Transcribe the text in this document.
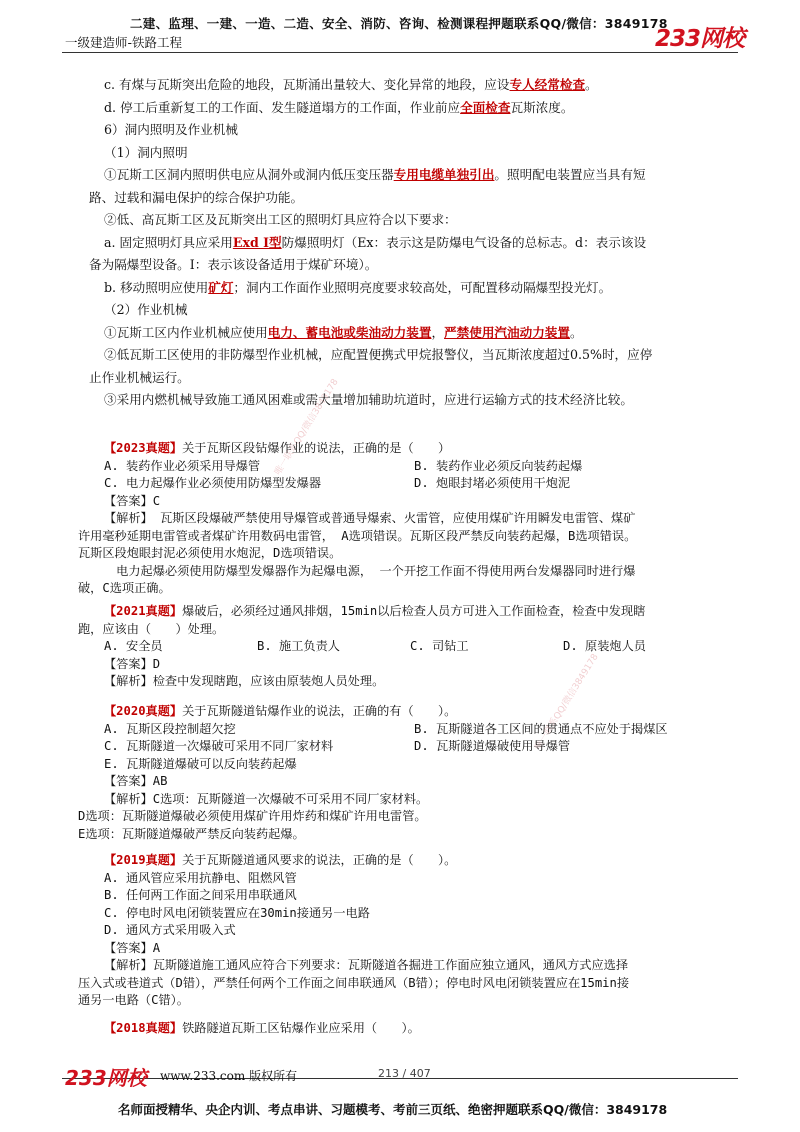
二建、监理、一建、一造、二造、安全、消防、咨询、检测课程押题联系QQ/微信：3849178
一级建造师-铁路工程	233网校
唯一联系QQ/微信3849178
唯一联系QQ/微信3849178
c. 有煤与瓦斯突出危险的地段，瓦斯涌出量较大、变化异常的地段，应设专人经常检查。
d. 停工后重新复工的工作面、发生隧道塌方的工作面，作业前应全面检查瓦斯浓度。
6）洞内照明及作业机械
（1）洞内照明
①瓦斯工区洞内照明供电应从洞外或洞内低压变压器专用电缆单独引出。照明配电装置应当具有短
路、过载和漏电保护的综合保护功能。
②低、高瓦斯工区及瓦斯突出工区的照明灯具应符合以下要求：
a. 固定照明灯具应采用Exd Ⅰ型防爆照明灯（Ex：表示这是防爆电气设备的总标志。d：表示该设
备为隔爆型设备。Ⅰ：表示该设备适用于煤矿环境）。
b. 移动照明应使用矿灯；洞内工作面作业照明亮度要求较高处，可配置移动隔爆型投光灯。
（2）作业机械
①瓦斯工区内作业机械应使用电力、蓄电池或柴油动力装置，严禁使用汽油动力装置。
②低瓦斯工区使用的非防爆型作业机械，应配置便携式甲烷报警仪，当瓦斯浓度超过0.5%时，应停
止作业机械运行。
③采用内燃机械导致施工通风困难或需大量增加辅助坑道时，应进行运输方式的技术经济比较。
【2023真题】关于瓦斯区段钻爆作业的说法，正确的是（　　）
A. 装药作业必须采用导爆管	B. 装药作业必须反向装药起爆
C. 电力起爆作业必须使用防爆型发爆器	D. 炮眼封堵必须使用干炮泥
【答案】C
【解析】 瓦斯区段爆破严禁使用导爆管或普通导爆索、火雷管，应使用煤矿许用瞬发电雷管、煤矿
许用毫秒延期电雷管或者煤矿许用数码电雷管， A选项错误。瓦斯区段严禁反向装药起爆，B选项错误。
瓦斯区段炮眼封泥必须使用水炮泥，D选项错误。
　电力起爆必须使用防爆型发爆器作为起爆电源， 一个开挖工作面不得使用两台发爆器同时进行爆
破，C选项正确。
【2021真题】爆破后，必须经过通风排烟，15min以后检查人员方可进入工作面检查，检查中发现瞎
跑，应该由（　　）处理。
A. 安全员	B. 施工负责人	C. 司钻工	D. 原装炮人员
【答案】D
【解析】检查中发现瞎跑，应该由原装炮人员处理。
【2020真题】关于瓦斯隧道钻爆作业的说法，正确的有（　　）。
A. 瓦斯区段控制超欠挖	B. 瓦斯隧道各工区间的贯通点不应处于揭煤区
C. 瓦斯隧道一次爆破可采用不同厂家材料	D. 瓦斯隧道爆破使用导爆管
E. 瓦斯隧道爆破可以反向装药起爆
【答案】AB
【解析】C选项：瓦斯隧道一次爆破不可采用不同厂家材料。
D选项：瓦斯隧道爆破必须使用煤矿许用炸药和煤矿许用电雷管。
E选项：瓦斯隧道爆破严禁反向装药起爆。
【2019真题】关于瓦斯隧道通风要求的说法，正确的是（　　）。
A. 通风管应采用抗静电、阻燃风管
B. 任何两工作面之间采用串联通风
C. 停电时风电闭锁装置应在30min接通另一电路
D. 通风方式采用吸入式
【答案】A
【解析】瓦斯隧道施工通风应符合下列要求：瓦斯隧道各掘进工作面应独立通风，通风方式应选择
压入式或巷道式（D错），严禁任何两个工作面之间串联通风（B错）；停电时风电闭锁装置应在15min接
通另一电路（C错）。
【2018真题】铁路隧道瓦斯工区钻爆作业应采用（　　）。
233网校 www.233.com 版权所有	213 / 407
名师面授精华、央企内训、考点串讲、习题模考、考前三页纸、绝密押题联系QQ/微信：3849178
